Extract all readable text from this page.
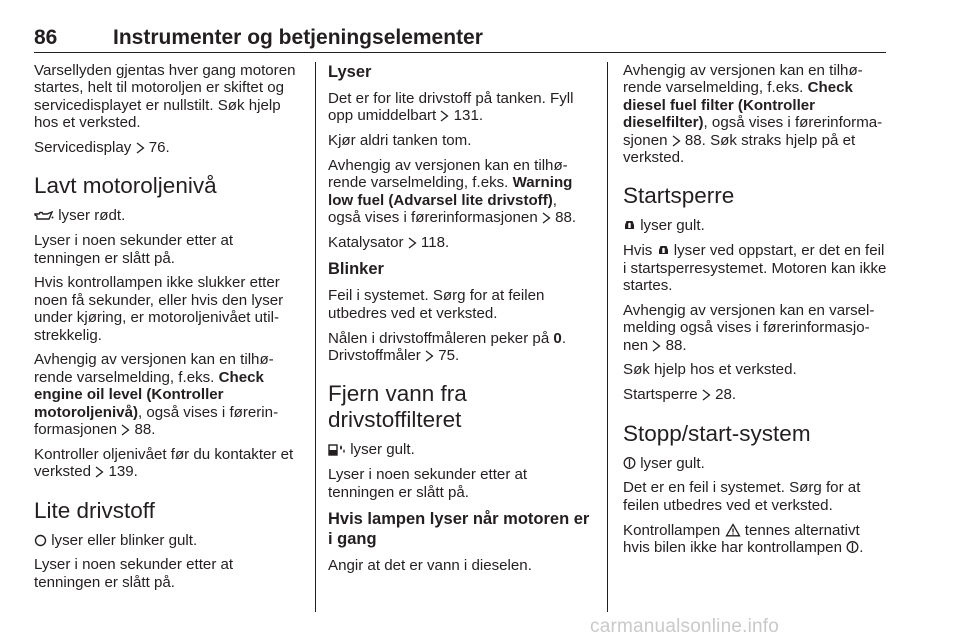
86	Instrumenter og betjeningselementer

Varsellyden gjentas hver gang motoren startes, helt til motoroljen er skiftet og servicedisplayet er nullstilt. Søk hjelp hos et verksted.

Servicedisplay 76.

Lavt motoroljenivå

lyser rødt.

Lyser i noen sekunder etter at tenningen er slått på.

Hvis kontrollampen ikke slukker etter noen få sekunder, eller hvis den lyser under kjøring, er motoroljenivået utilstrekkelig.

Avhengig av versjonen kan en tilhørende varselmelding, f.eks. Check engine oil level (Kontroller motoroljenivå), også vises i førerinformasjonen 88.

Kontroller oljenivået før du kontakter et verksted 139.

Lite drivstoff

lyser eller blinker gult.

Lyser i noen sekunder etter at tenningen er slått på.

Lyser

Det er for lite drivstoff på tanken. Fyll opp umiddelbart 131.

Kjør aldri tanken tom.

Avhengig av versjonen kan en tilhørende varselmelding, f.eks. Warning low fuel (Advarsel lite drivstoff), også vises i førerinformasjonen 88.

Katalysator 118.

Blinker

Feil i systemet. Sørg for at feilen utbedres ved et verksted.

Nålen i drivstoffmåleren peker på 0.

Drivstoffmåler 75.

Fjern vann fra drivstoffilteret

lyser gult.

Lyser i noen sekunder etter at tenningen er slått på.

Hvis lampen lyser når motoren er i gang

Angir at det er vann i dieselen.

Avhengig av versjonen kan en tilhørende varselmelding, f.eks. Check diesel fuel filter (Kontroller dieselfilter), også vises i førerinformasjonen 88. Søk straks hjelp på et verksted.

Startsperre

lyser gult.

Hvis lyser ved oppstart, er det en feil i startsperresystemet. Motoren kan ikke startes.

Avhengig av versjonen kan en varselmelding også vises i førerinformasjonen 88.

Søk hjelp hos et verksted.

Startsperre 28.

Stopp/start-system

lyser gult.

Det er en feil i systemet. Sørg for at feilen utbedres ved et verksted.

Kontrollampen tennes alternativt hvis bilen ikke har kontrollampen .

carmanualsonline.info
